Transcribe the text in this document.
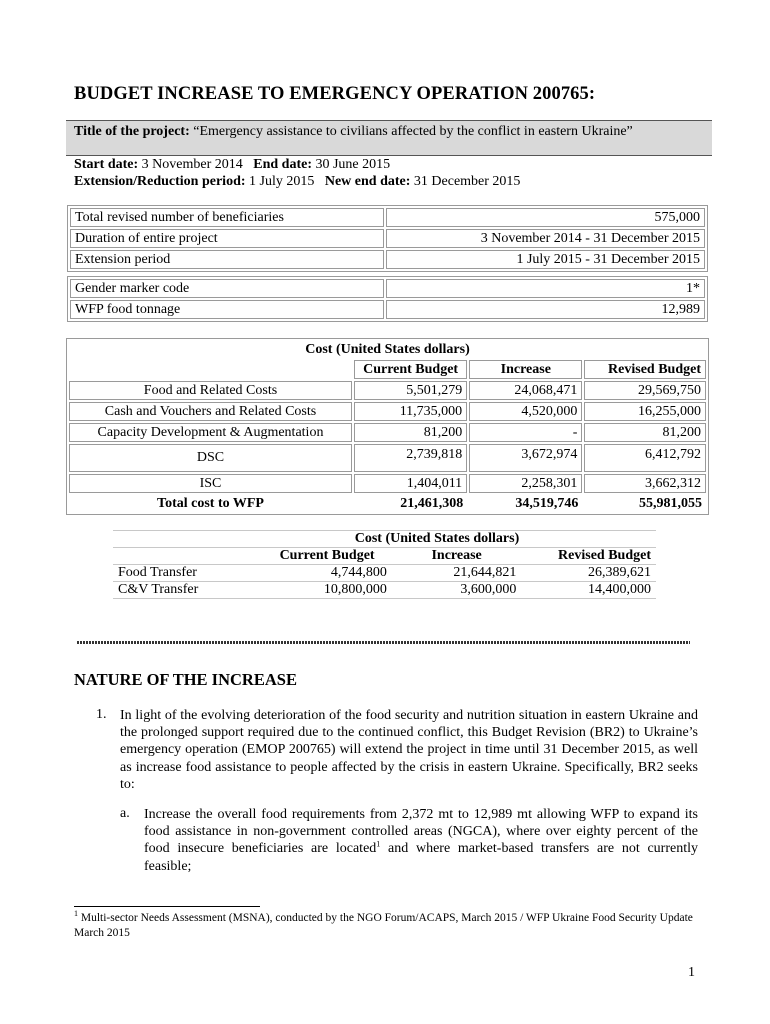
BUDGET INCREASE TO EMERGENCY OPERATION 200765:
Title of the project: “Emergency assistance to civilians affected by the conflict in eastern Ukraine”
Start date: 3 November 2014 End date: 30 June 2015
Extension/Reduction period: 1 July 2015 New end date: 31 December 2015
Total revised number of beneficiaries	575,000
Duration of entire project	3 November 2014 - 31 December 2015
Extension period	1 July 2015 - 31 December 2015
Gender marker code	1*
WFP food tonnage	12,989
Cost (United States dollars)			
	Current Budget	Increase	Revised Budget
Food and Related Costs	5,501,279	24,068,471	29,569,750
Cash and Vouchers and Related Costs	11,735,000	4,520,000	16,255,000
Capacity Development & Augmentation	81,200	-	81,200
DSC	2,739,818	3,672,974	6,412,792
ISC	1,404,011	2,258,301	3,662,312
Total cost to WFP	21,461,308	34,519,746	55,981,055
Cost (United States dollars)			
	Current Budget	Increase	Revised Budget
Food Transfer	4,744,800	21,644,821	26,389,621
C&V Transfer	10,800,000	3,600,000	14,400,000
NATURE OF THE INCREASE
1. In light of the evolving deterioration of the food security and nutrition situation in eastern Ukraine and the prolonged support required due to the continued conflict, this Budget Revision (BR2) to Ukraine’s emergency operation (EMOP 200765) will extend the project in time until 31 December 2015, as well as increase food assistance to people affected by the crisis in eastern Ukraine. Specifically, BR2 seeks to:
a. Increase the overall food requirements from 2,372 mt to 12,989 mt allowing WFP to expand its food assistance in non-government controlled areas (NGCA), where over eighty percent of the food insecure beneficiaries are located$^1$ and where market-based transfers are not currently feasible;
$^1$ Multi-sector Needs Assessment (MSNA), conducted by the NGO Forum/ACAPS, March 2015 / WFP Ukraine Food Security Update March 2015
1
